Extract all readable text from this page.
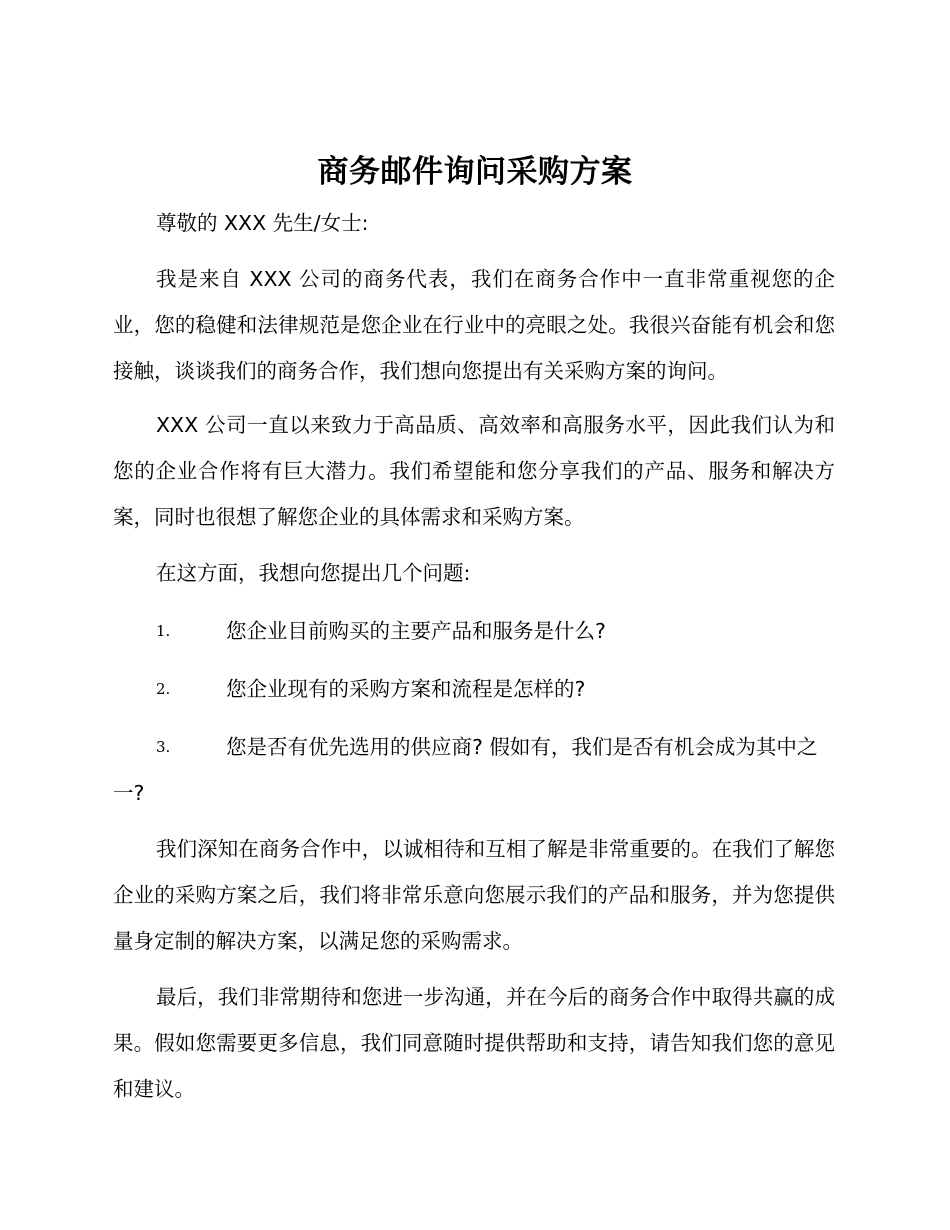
商务邮件询问采购方案

尊敬的 XXX 先生/女士:

我是来自 XXX 公司的商务代表，我们在商务合作中一直非常重视您的企业，您的稳健和法律规范是您企业在行业中的亮眼之处。我很兴奋能有机会和您接触，谈谈我们的商务合作，我们想向您提出有关采购方案的询问。

XXX 公司一直以来致力于高品质、高效率和高服务水平，因此我们认为和您的企业合作将有巨大潜力。我们希望能和您分享我们的产品、服务和解决方案，同时也很想了解您企业的具体需求和采购方案。

在这方面，我想向您提出几个问题:

1.	您企业目前购买的主要产品和服务是什么?
2.	您企业现有的采购方案和流程是怎样的?
3.	您是否有优先选用的供应商? 假如有，我们是否有机会成为其中之一?

我们深知在商务合作中，以诚相待和互相了解是非常重要的。在我们了解您企业的采购方案之后，我们将非常乐意向您展示我们的产品和服务，并为您提供量身定制的解决方案，以满足您的采购需求。

最后，我们非常期待和您进一步沟通，并在今后的商务合作中取得共赢的成果。假如您需要更多信息，我们同意随时提供帮助和支持，请告知我们您的意见和建议。
